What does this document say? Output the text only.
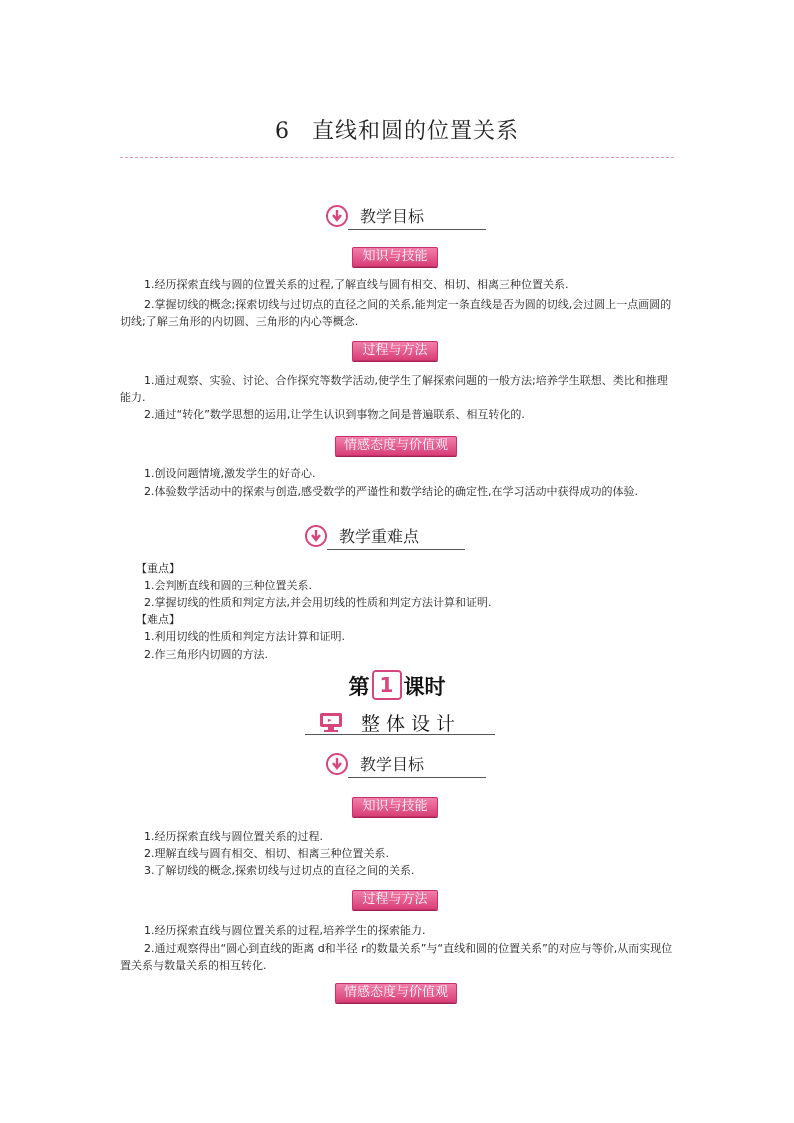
6 直线和圆的位置关系
教学目标
知识与技能

1.经历探索直线与圆的位置关系的过程,了解直线与圆有相交、相切、相离三种位置关系.

2.掌握切线的概念;探索切线与过切点的直径之间的关系,能判定一条直线是否为圆的切线,会过圆上一点画圆的切线;了解三角形的内切圆、三角形的内心等概念.

过程与方法

1.通过观察、实验、讨论、合作探究等数学活动,使学生了解探索问题的一般方法;培养学生联想、类比和推理能力.

2.通过“转化”数学思想的运用,让学生认识到事物之间是普遍联系、相互转化的.

情感态度与价值观

1.创设问题情境,激发学生的好奇心.

2.体验数学活动中的探索与创造,感受数学的严谨性和数学结论的确定性,在学习活动中获得成功的体验.

教学重难点

【重点】

1.会判断直线和圆的三种位置关系.

2.掌握切线的性质和判定方法,并会用切线的性质和判定方法计算和证明.

【难点】

1.利用切线的性质和判定方法计算和证明.

2.作三角形内切圆的方法.

第 1 课时
整体设计
教学目标
知识与技能

1.经历探索直线与圆位置关系的过程.

2.理解直线与圆有相交、相切、相离三种位置关系.

3.了解切线的概念,探索切线与过切点的直径之间的关系.

过程与方法

1.经历探索直线与圆位置关系的过程,培养学生的探索能力.

2.通过观察得出“圆心到直线的距离 d和半径 r的数量关系”与“直线和圆的位置关系”的对应与等价,从而实现位置关系与数量关系的相互转化.

情感态度与价值观
